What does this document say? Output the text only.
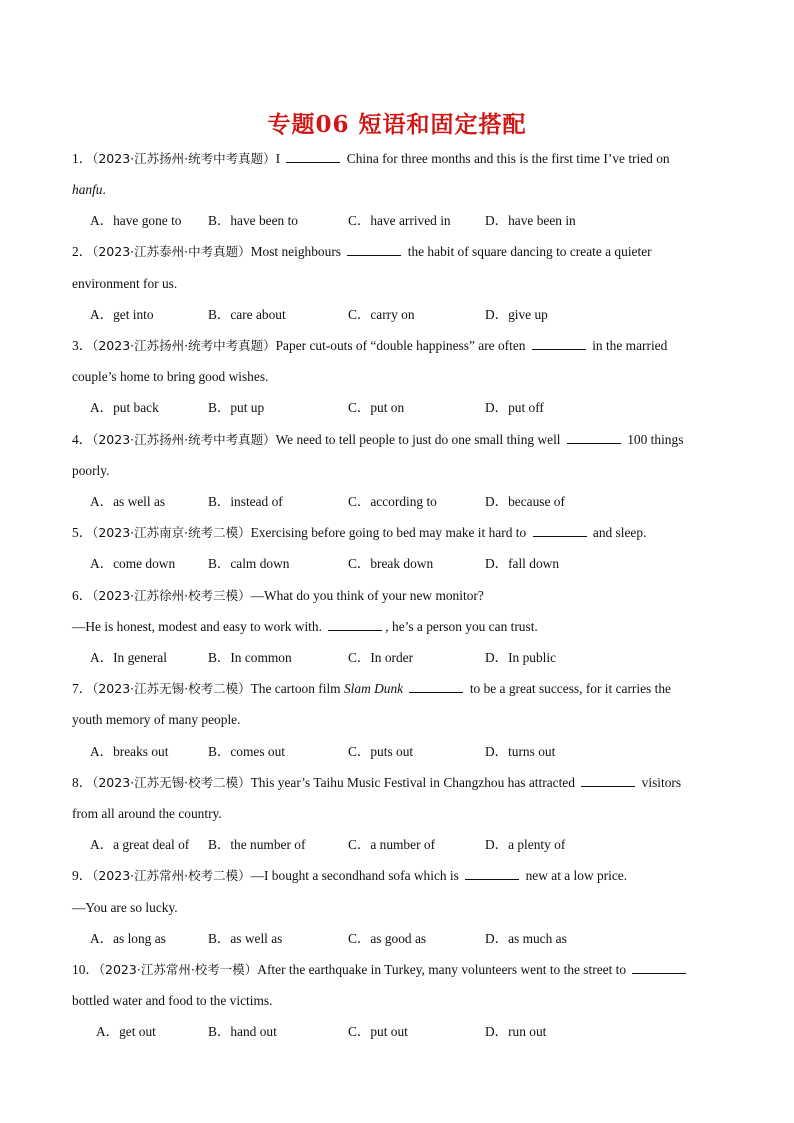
专题06 短语和固定搭配
1．（2023·江苏扬州·统考中考真题）I	China for three months and this is the first time I’ve tried on
hanfu.
A．have gone to B．have been to	C．have arrived in	D．have been in
2．（2023·江苏泰州·中考真题）Most neighbours	the habit of square dancing to create a quieter
environment for us.
A．get into	B．care about	C．carry on	D．give up
3．（2023·江苏扬州·统考中考真题）Paper cut-outs of “double happiness” are often	in the married
couple’s home to bring good wishes.
A．put back	B．put up	C．put on	D．put off
4．（2023·江苏扬州·统考中考真题）We need to tell people to just do one small thing well	100 things
poorly.
A．as well as	B．instead of	C．according to	D．because of
5．（2023·江苏南京·统考二模）Exercising before going to bed may make it hard to	and sleep.
A．come down B．calm down	C．break down	D．fall down
6．（2023·江苏徐州·校考三模）—What do you think of your new monitor?
—He is honest, modest and easy to work with.	, he’s a person you can trust.
A．In general	B．In common	C．In order	D．In public
7．（2023·江苏无锡·校考二模）The cartoon film Slam Dunk	to be a great success, for it carries the
youth memory of many people.
A．breaks out	B．comes out	C．puts out	D．turns out
8．（2023·江苏无锡·校考二模）This year’s Taihu Music Festival in Changzhou has attracted	visitors
from all around the country.
A．a great deal of B．the number of	C．a number of	D．a plenty of
9．（2023·江苏常州·校考二模）—I bought a secondhand sofa which is	new at a low price.
—You are so lucky.
A．as long as	B．as well as	C．as good as	D．as much as
10．（2023·江苏常州·校考一模）After the earthquake in Turkey, many volunteers went to the street to
bottled water and food to the victims.
A．get out	B．hand out	C．put out	D．run out
